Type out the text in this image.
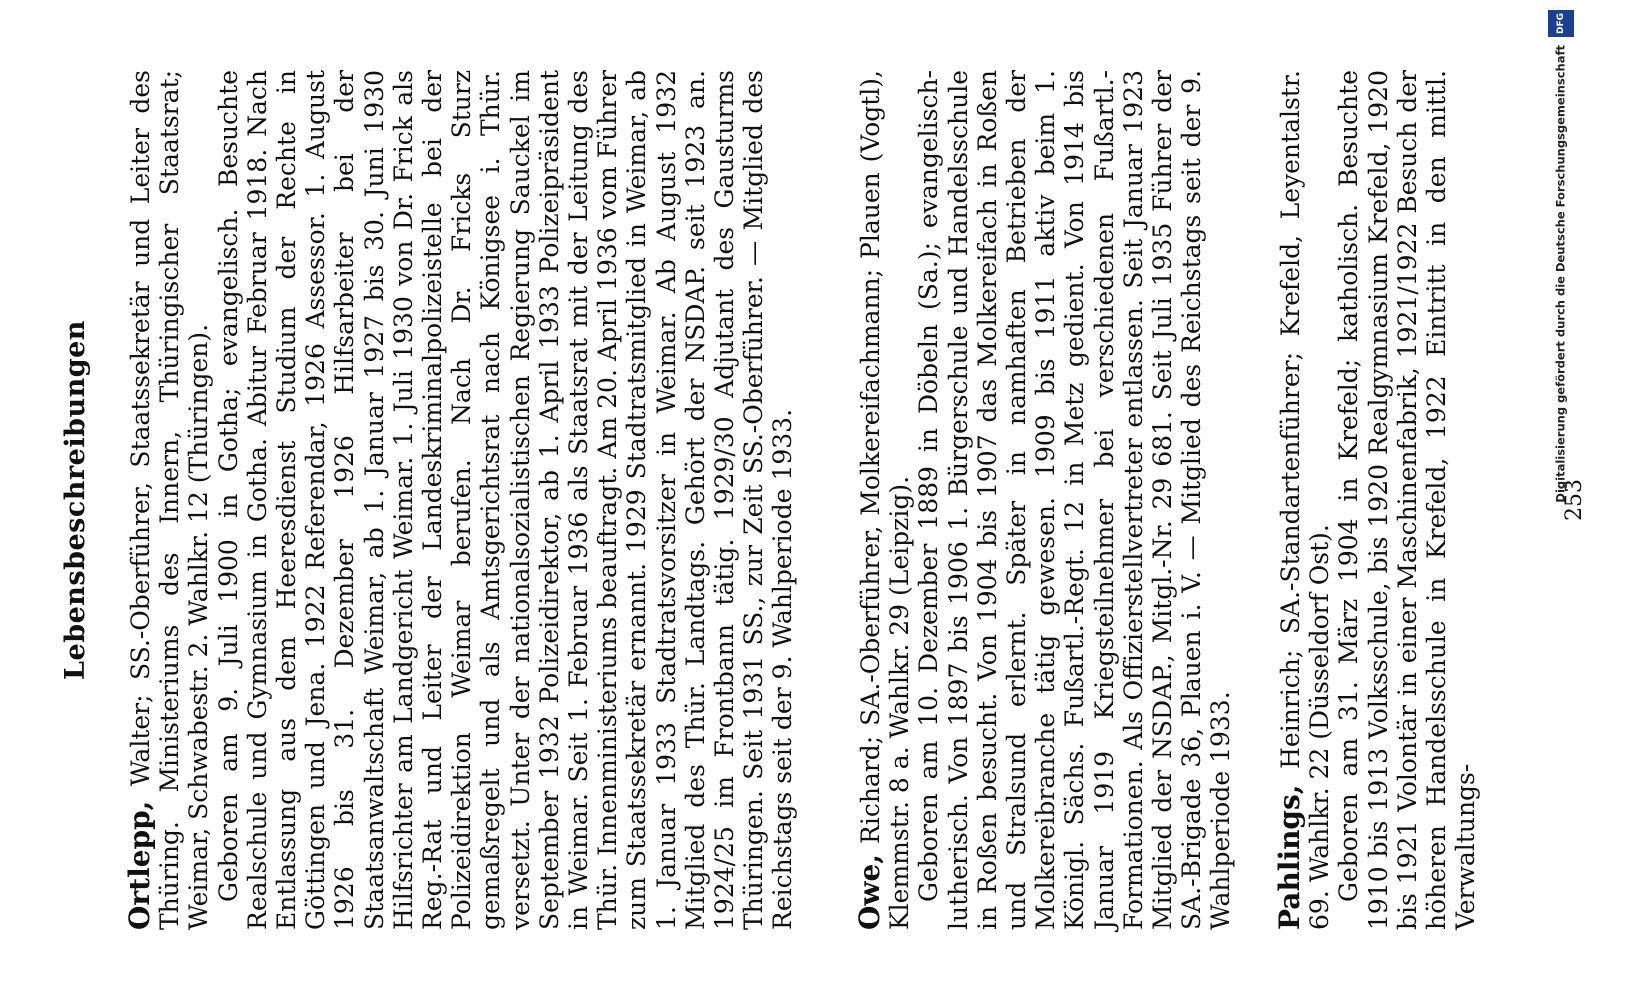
Lebensbeschreibungen

Ortlepp, Walter; SS.-Oberführer, Staatssekretär und Leiter des Thüring. Ministeriums des Innern, Thüringischer Staatsrat; Weimar, Schwabestr. 2. Wahlkr. 12 (Thüringen). Geboren am 9. Juli 1900 in Gotha; evangelisch. Besuchte Realschule und Gymnasium in Gotha. Abitur Februar 1918. Nach Entlassung aus dem Heeresdienst Studium der Rechte in Göttingen und Jena. 1922 Referendar, 1926 Assessor. 1. August 1926 bis 31. Dezember 1926 Hilfsarbeiter bei der Staatsanwaltschaft Weimar, ab 1. Januar 1927 bis 30. Juni 1930 Hilfsrichter am Landgericht Weimar. 1. Juli 1930 von Dr. Frick als Reg.-Rat und Leiter der Landeskriminalpolizeistelle bei der Polizeidirektion Weimar berufen. Nach Dr. Fricks Sturz gemaßregelt und als Amtsgerichtsrat nach Königsee i. Thür. versetzt. Unter der nationalsozialistischen Regierung Sauckel im September 1932 Polizeidirektor, ab 1. April 1933 Polizeipräsident in Weimar. Seit 1. Februar 1936 als Staatsrat mit der Leitung des Thür. Innenministeriums beauftragt. Am 20. April 1936 vom Führer zum Staatssekretär ernannt. 1929 Stadtratsmitglied in Weimar, ab 1. Januar 1933 Stadtratsvorsitzer in Weimar. Ab August 1932 Mitglied des Thür. Landtags. Gehört der NSDAP. seit 1923 an. 1924/25 im Frontbann tätig. 1929/30 Adjutant des Gausturms Thüringen. Seit 1931 SS., zur Zeit SS.-Oberführer. — Mitglied des Reichstags seit der 9. Wahlperiode 1933. Owe, Richard; SA.-Oberführer, Molkereifachmann; Plauen (Vogtl), Klemmstr. 8 a. Wahlkr. 29 (Leipzig). Geboren am 10. Dezember 1889 in Döbeln (Sa.); evangelisch-lutherisch. Von 1897 bis 1906 1. Bürgerschule und Handelsschule in Roßen besucht. Von 1904 bis 1907 das Molkereifach in Roßen und Stralsund erlernt. Später in namhaften Betrieben der Molkereibranche tätig gewesen. 1909 bis 1911 aktiv beim 1. Königl. Sächs. Fußartl.-Regt. 12 in Metz gedient. Von 1914 bis Januar 1919 Kriegsteilnehmer bei verschiedenen Fußartl.-Formationen. Als Offizierstellvertreter entlassen. Seit Januar 1923 Mitglied der NSDAP., Mitgl.-Nr. 29 681. Seit Juli 1935 Führer der SA.-Brigade 36, Plauen i. V. — Mitglied des Reichstags seit der 9. Wahlperiode 1933. Pahlings, Heinrich; SA.-Standartenführer; Krefeld, Leyentalstr. 69. Wahlkr. 22 (Düsseldorf Ost). Geboren am 31. März 1904 in Krefeld; katholisch. Besuchte 1910 bis 1913 Volksschule, bis 1920 Realgymnasium Krefeld, 1920 bis 1921 Volontär in einer Maschinenfabrik, 1921/1922 Besuch der höheren Handelsschule in Krefeld, 1922 Eintritt in den mittl. Verwaltungs-

253
Digitalisierung gefördert durch die Deutsche Forschungsgemeinschaft DFG
